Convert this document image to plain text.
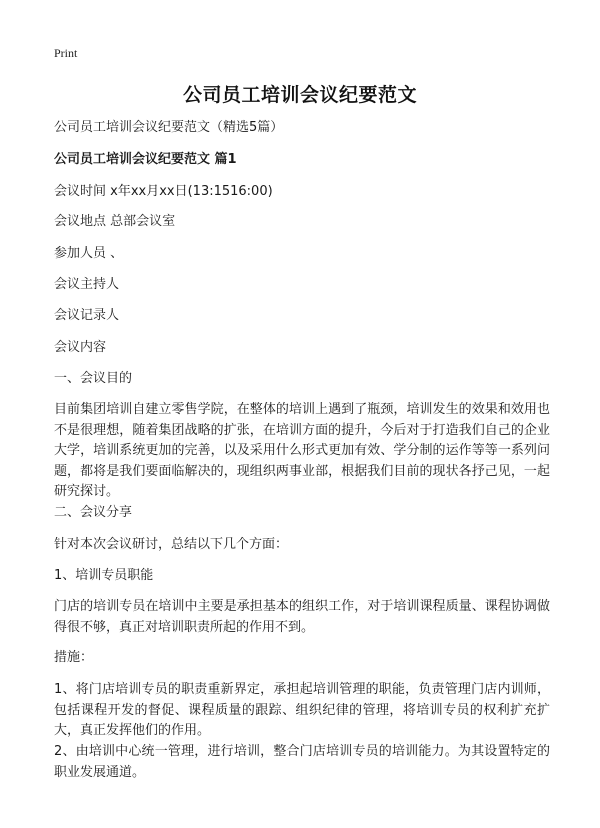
Print
公司员工培训会议纪要范文
公司员工培训会议纪要范文（精选5篇）
公司员工培训会议纪要范文 篇1
会议时间 x年xx月xx日(13:1516:00)
会议地点 总部会议室
参加人员 、
会议主持人
会议记录人
会议内容
一、会议目的
目前集团培训自建立零售学院，在整体的培训上遇到了瓶颈，培训发生的效果和效用也不是很理想，随着集团战略的扩张，在培训方面的提升，今后对于打造我们自己的企业大学，培训系统更加的完善，以及采用什么形式更加有效、学分制的运作等等一系列问题，都将是我们要面临解决的，现组织两事业部，根据我们目前的现状各抒己见，一起研究探讨。
二、会议分享
针对本次会议研讨，总结以下几个方面：
1、培训专员职能
门店的培训专员在培训中主要是承担基本的组织工作，对于培训课程质量、课程协调做得很不够，真正对培训职责所起的作用不到。
措施：
1、将门店培训专员的职责重新界定，承担起培训管理的职能，负责管理门店内训师，包括课程开发的督促、课程质量的跟踪、组织纪律的管理，将培训专员的权利扩充扩大，真正发挥他们的作用。
2、由培训中心统一管理，进行培训，整合门店培训专员的培训能力。为其设置特定的职业发展通道。
